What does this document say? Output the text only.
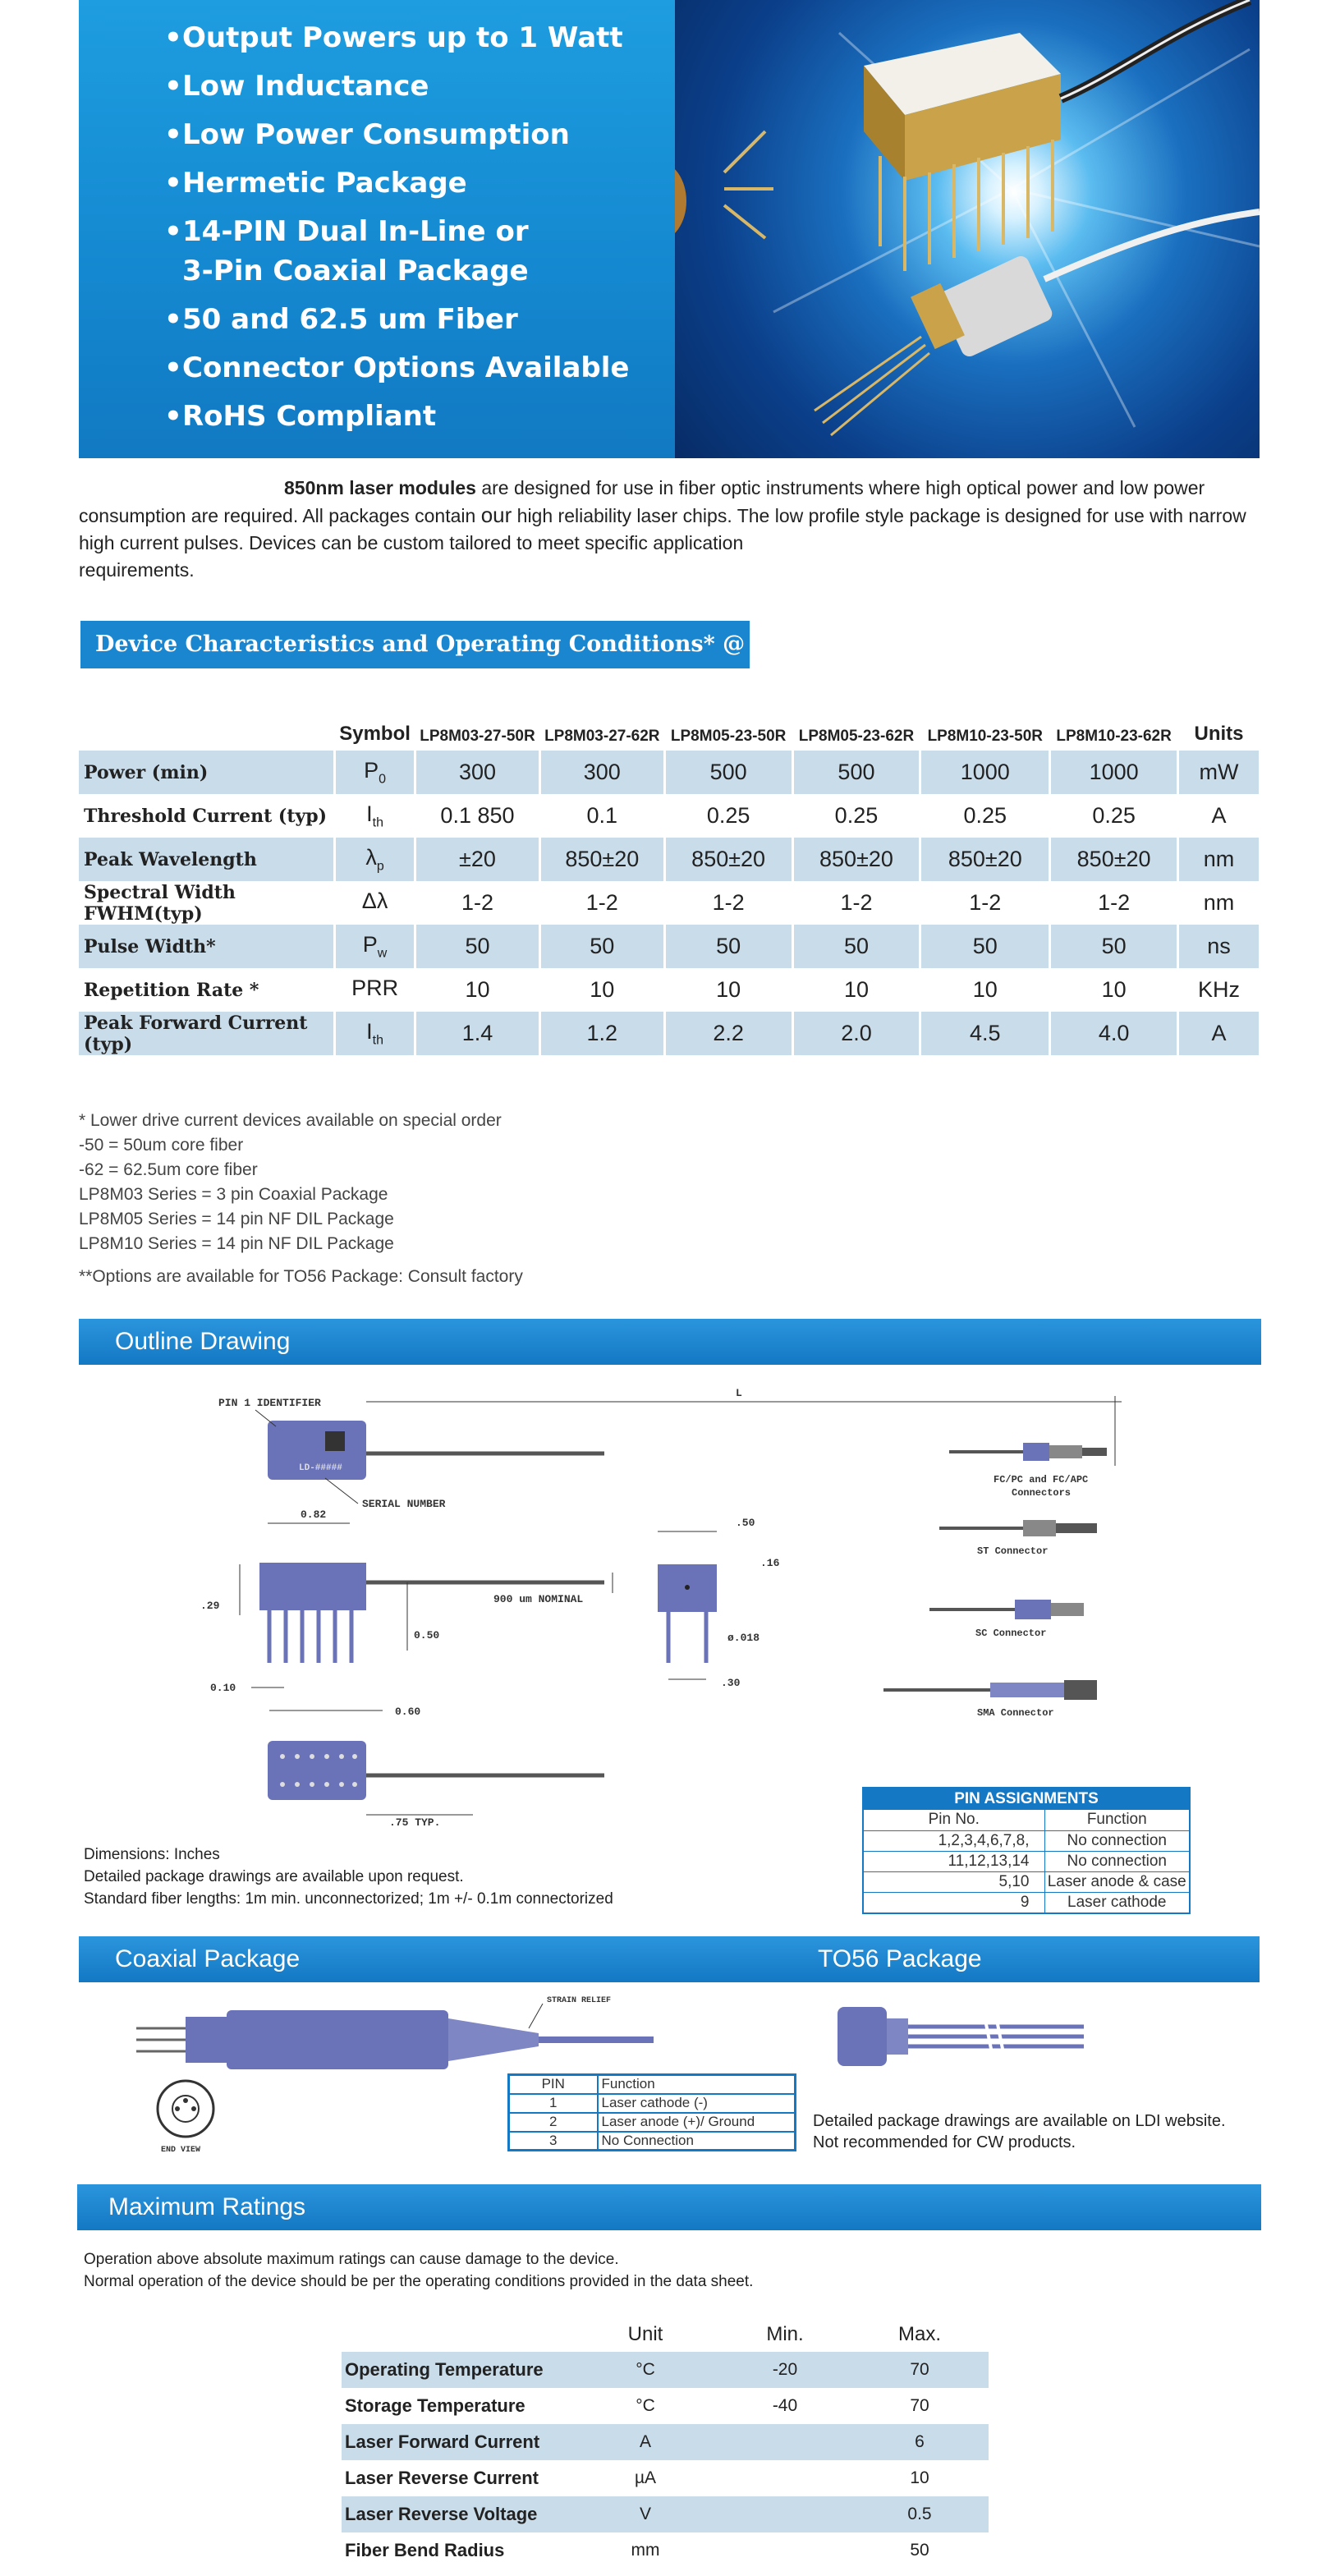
• Output Powers up to 1 Watt
• Low Inductance
• Low Power Consumption
• Hermetic Package
• 14-PIN Dual In-Line or
3-Pin Coaxial Package
• 50 and 62.5 um Fiber
• Connector Options Available
• RoHS Compliant
850nm laser modules are designed for use in fiber optic instruments where high optical power and low power consumption are required. All packages contain our high reliability laser chips. The low profile style package is designed for use with narrow high current pulses. Devices can be custom tailored to meet specific application
requirements.
Device Characteristics and Operating Conditions* @ 25°C
	Symbol	LP8M03-27-50R	LP8M03-27-62R	LP8M05-23-50R	LP8M05-23-62R	LP8M10-23-50R	LP8M10-23-62R	Units
Power (min)	$P_0$	300	300	500	500	1000	1000	mW
Threshold Current (typ)	$I_{th}$	0.1 850	0.1	0.25	0.25	0.25	0.25	A
Peak Wavelength	$\lambda_p$	±20	850±20	850±20	850±20	850±20	850±20	nm
Spectral Width FWHM(typ)	Δλ	1-2	1-2	1-2	1-2	1-2	1-2	nm
Pulse Width*	$P_w$	50	50	50	50	50	50	ns
Repetition Rate *	PRR	10	10	10	10	10	10	KHz
Peak Forward Current (typ)	$I_{th}$	1.4	1.2	2.2	2.0	4.5	4.0	A
* Lower drive current devices available on special order
-50 = 50um core fiber
-62 = 62.5um core fiber
LP8M03 Series = 3 pin Coaxial Package
LP8M05 Series = 14 pin NF DIL Package
LP8M10 Series = 14 pin NF DIL Package
**Options are available for TO56 Package: Consult factory
Outline Drawing
PIN 1 IDENTIFIER
LD-#####
SERIAL NUMBER
L
0.82
.29
0.50
900 um NOMINAL
0.10
0.60
.50
.16
ø.018
.30
.75 TYP.
FC/PC and FC/APC
Connectors
ST Connector
SC Connector
SMA Connector
Dimensions: Inches
Detailed package drawings are available upon request.
Standard fiber lengths: 1m min. unconnectorized; 1m +/- 0.1m connectorized
PIN ASSIGNMENTS
Pin No.	Function
1,2,3,4,6,7,8,	No connection
11,12,13,14	No connection
5,10	Laser anode & case
9	Laser cathode
Coaxial Package	TO56 Package
STRAIN RELIEF
END VIEW
PIN	Function
1	Laser cathode (-)
2	Laser anode (+)/ Ground
3	No Connection
Detailed package drawings are available on LDI website.
Not recommended for CW products.
Maximum Ratings
Operation above absolute maximum ratings can cause damage to the device.
Normal operation of the device should be per the operating conditions provided in the data sheet.
	Unit	Min.	Max.
Operating Temperature	°C	-20	70
Storage Temperature	°C	-40	70
Laser Forward Current	A		6
Laser Reverse Current	µA		10
Laser Reverse Voltage	V		0.5
Fiber Bend Radius	mm		50
